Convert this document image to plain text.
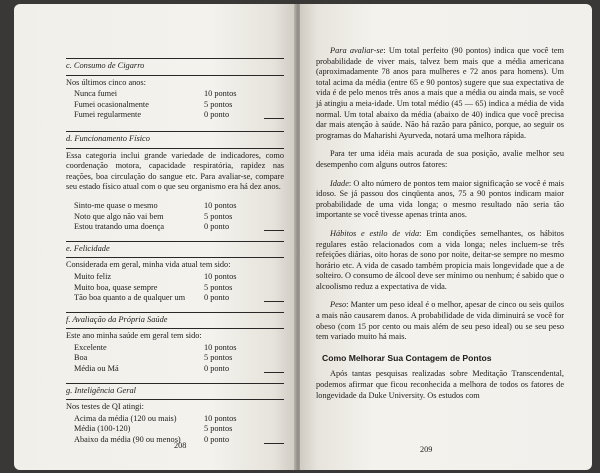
c. Consumo de Cigarro
Nos últimos cinco anos:
Nunca fumei	10 pontos
Fumei ocasionalmente	5 pontos
Fumei regularmente	0 ponto
d. Funcionamento Físico
Essa categoria inclui grande variedade de indicadores, como coordenação motora, capacidade respiratória, rapidez nas reações, boa circulação do sangue etc. Para avaliar-se, compare seu estado físico atual com o que seu organismo era há dez anos.
Sinto-me quase o mesmo	10 pontos
Noto que algo não vai bem	5 pontos
Estou tratando uma doença	0 ponto
e. Felicidade
Considerada em geral, minha vida atual tem sido:
Muito feliz	10 pontos
Muito boa, quase sempre	5 pontos
Tão boa quanto a de qualquer um 0 ponto
f. Avaliação da Própria Saúde
Este ano minha saúde em geral tem sido:
Excelente	10 pontos
Boa	5 pontos
Média ou Má	0 ponto
g. Inteligência Geral
Nos testes de QI atingi:
Acima da média (120 ou mais)	10 pontos
Média (100-120)	5 pontos
Abaixo da média (90 ou menos)	0 ponto
208

Para avaliar-se: Um total perfeito (90 pontos) indica que você tem probabilidade de viver mais, talvez bem mais que a média americana (aproximadamente 78 anos para mulheres e 72 anos para homens). Um total acima da média (entre 65 e 90 pontos) sugere que sua expectativa de vida é de pelo menos três anos a mais que a média ou ainda mais, se você já atingiu a meia-idade. Um total médio (45 — 65) indica a média de vida normal. Um total abaixo da média (abaixo de 40) indica que você precisa dar mais atenção à saúde. Não há razão para pânico, porque, ao seguir os programas do Maharishi Ayurveda, notará uma melhora rápida.

Para ter uma idéia mais acurada de sua posição, avalie melhor seu desempenho com alguns outros fatores:

Idade: O alto número de pontos tem maior significação se você é mais idoso. Se já passou dos cinqüenta anos, 75 a 90 pontos indicam maior probabilidade de uma vida longa; o mesmo resultado não seria tão importante se você tivesse apenas trinta anos.

Hábitos e estilo de vida: Em condições semelhantes, os hábitos regulares estão relacionados com a vida longa; neles incluem-se três refeições diárias, oito horas de sono por noite, deitar-se sempre no mesmo horário etc. A vida de casado também propicia mais longevidade que a de solteiro. O consumo de álcool deve ser mínimo ou nenhum; é sabido que o alcoolismo reduz a expectativa de vida.

Peso: Manter um peso ideal é o melhor, apesar de cinco ou seis quilos a mais não causarem danos. A probabilidade de vida diminuirá se você for obeso (com 15 por cento ou mais além de seu peso ideal) ou se seu peso tem variado muito há mais.

Como Melhorar Sua Contagem de Pontos

Após tantas pesquisas realizadas sobre Meditação Transcendental, podemos afirmar que ficou reconhecida a melhora de todos os fatores de longevidade da Duke University. Os estudos com

209
